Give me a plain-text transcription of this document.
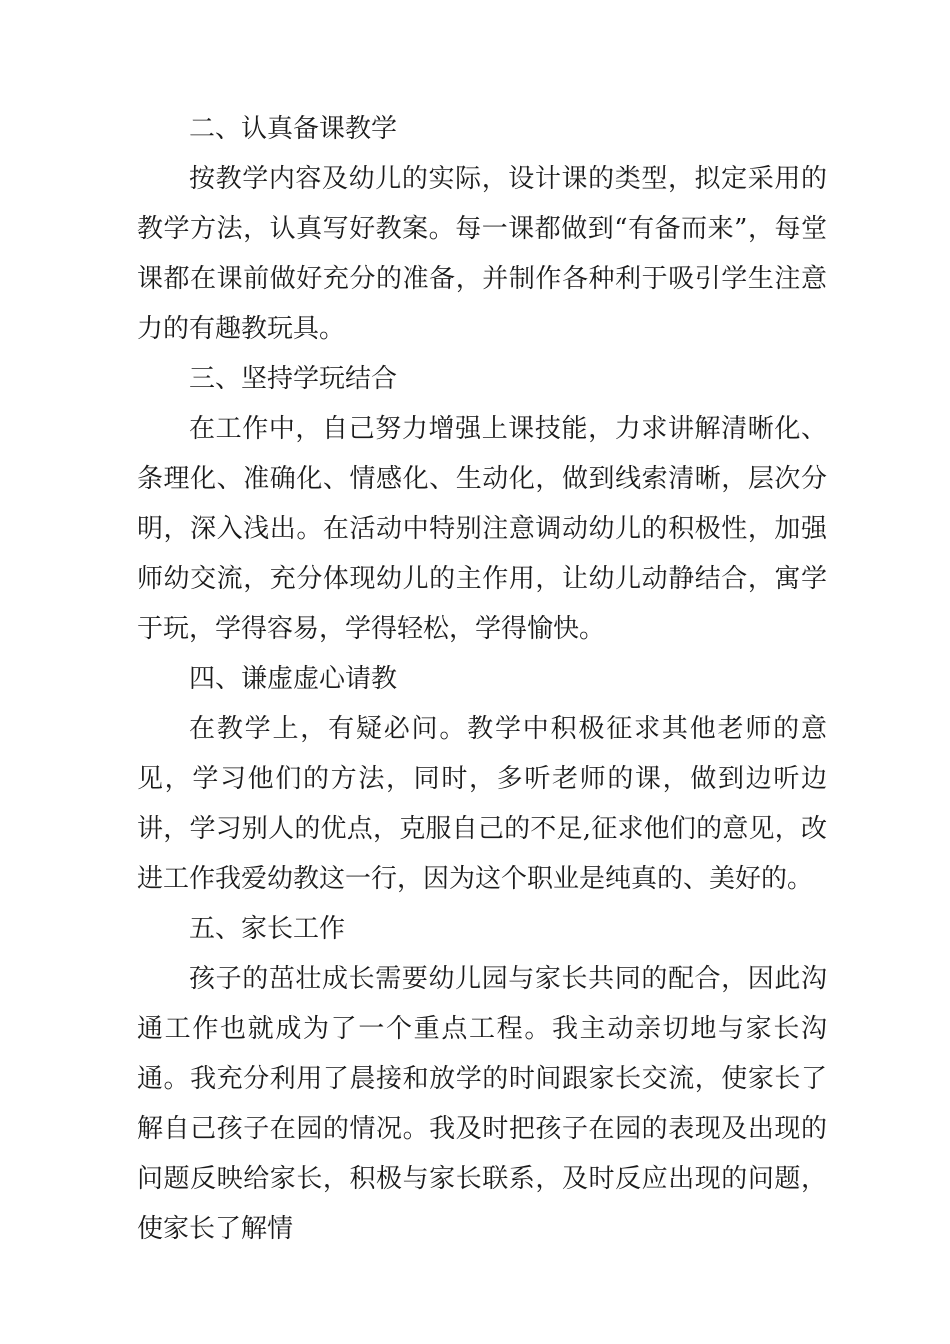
二、认真备课教学

按教学内容及幼儿的实际，设计课的类型，拟定采用的教学方法，认真写好教案。每一课都做到“有备而来”，每堂课都在课前做好充分的准备，并制作各种利于吸引学生注意力的有趣教玩具。

三、坚持学玩结合

在工作中，自己努力增强上课技能，力求讲解清晰化、条理化、准确化、情感化、生动化，做到线索清晰，层次分明，深入浅出。在活动中特别注意调动幼儿的积极性，加强师幼交流，充分体现幼儿的主作用，让幼儿动静结合，寓学于玩，学得容易，学得轻松，学得愉快。

四、谦虚虚心请教

在教学上，有疑必问。教学中积极征求其他老师的意见，学习他们的方法，同时，多听老师的课，做到边听边讲，学习别人的优点，克服自己的不足,征求他们的意见，改进工作我爱幼教这一行，因为这个职业是纯真的、美好的。

五、家长工作

孩子的茁壮成长需要幼儿园与家长共同的配合，因此沟通工作也就成为了一个重点工程。我主动亲切地与家长沟通。我充分利用了晨接和放学的时间跟家长交流，使家长了解自己孩子在园的情况。我及时把孩子在园的表现及出现的问题反映给家长，积极与家长联系，及时反应出现的问题，使家长了解情
